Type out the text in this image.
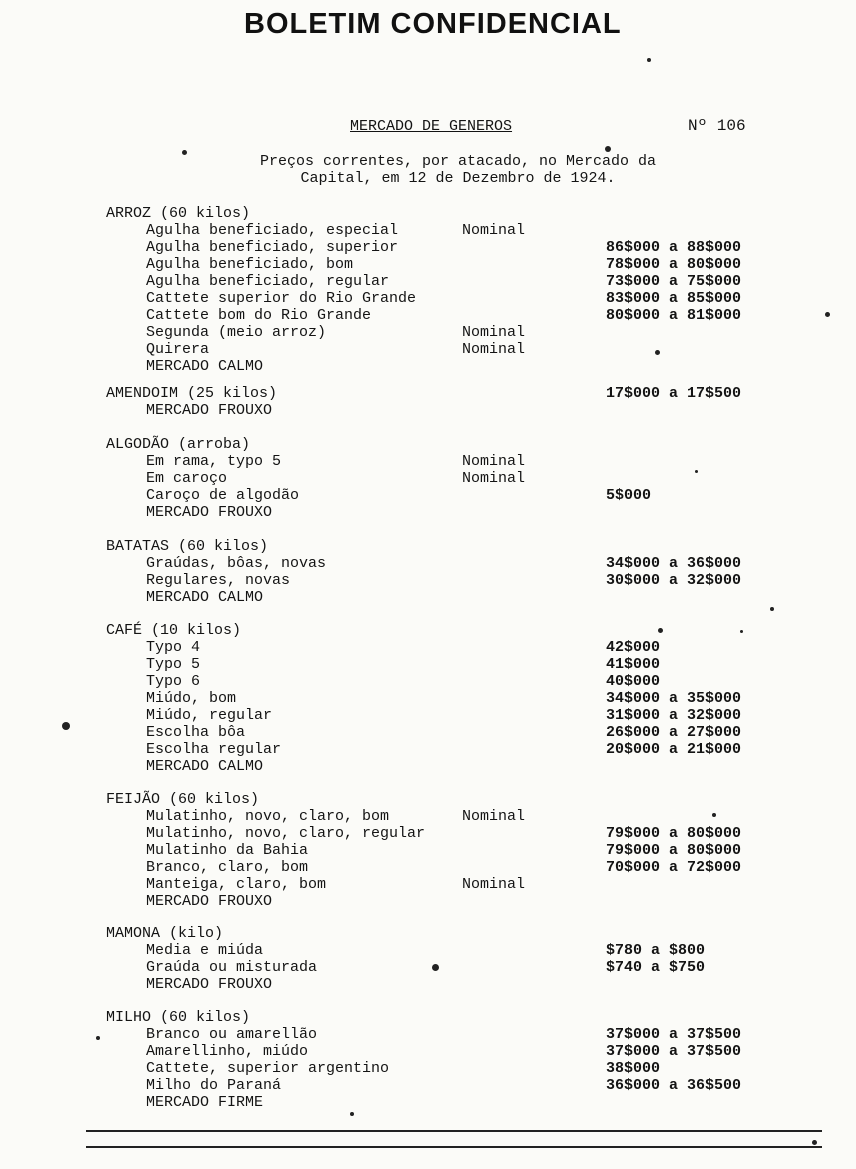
BOLETIM CONFIDENCIAL
MERCADO DE GENEROS	Nº 106
Preços correntes, por atacado, no Mercado da
Capital, em 12 de Dezembro de 1924.
ARROZ (60 kilos)
Agulha beneficiado, especial	Nominal
Agulha beneficiado, superior	86$000 a 88$000
Agulha beneficiado, bom	78$000 a 80$000
Agulha beneficiado, regular	73$000 a 75$000
Cattete superior do Rio Grande	83$000 a 85$000
Cattete bom do Rio Grande	80$000 a 81$000
Segunda (meio arroz)	Nominal
Quirera	Nominal
MERCADO CALMO
AMENDOIM (25 kilos)	17$000 a 17$500
MERCADO FROUXO
ALGODÃO (arroba)
Em rama, typo 5	Nominal
Em caroço	Nominal
Caroço de algodão	5$000
MERCADO FROUXO
BATATAS (60 kilos)
Graúdas, bôas, novas	34$000 a 36$000
Regulares, novas	30$000 a 32$000
MERCADO CALMO
CAFÉ (10 kilos)
Typo 4	42$000
Typo 5	41$000
Typo 6	40$000
Miúdo, bom	34$000 a 35$000
Miúdo, regular	31$000 a 32$000
Escolha bôa	26$000 a 27$000
Escolha regular	20$000 a 21$000
MERCADO CALMO
FEIJÃO (60 kilos)
Mulatinho, novo, claro, bom	Nominal
Mulatinho, novo, claro, regular	79$000 a 80$000
Mulatinho da Bahia	79$000 a 80$000
Branco, claro, bom	70$000 a 72$000
Manteiga, claro, bom	Nominal
MERCADO FROUXO
MAMONA (kilo)
Media e miúda	$780 a $800
Graúda ou misturada	$740 a $750
MERCADO FROUXO
MILHO (60 kilos)
Branco ou amarellão	37$000 a 37$500
Amarellinho, miúdo	37$000 a 37$500
Cattete, superior argentino	38$000
Milho do Paraná	36$000 a 36$500
MERCADO FIRME
